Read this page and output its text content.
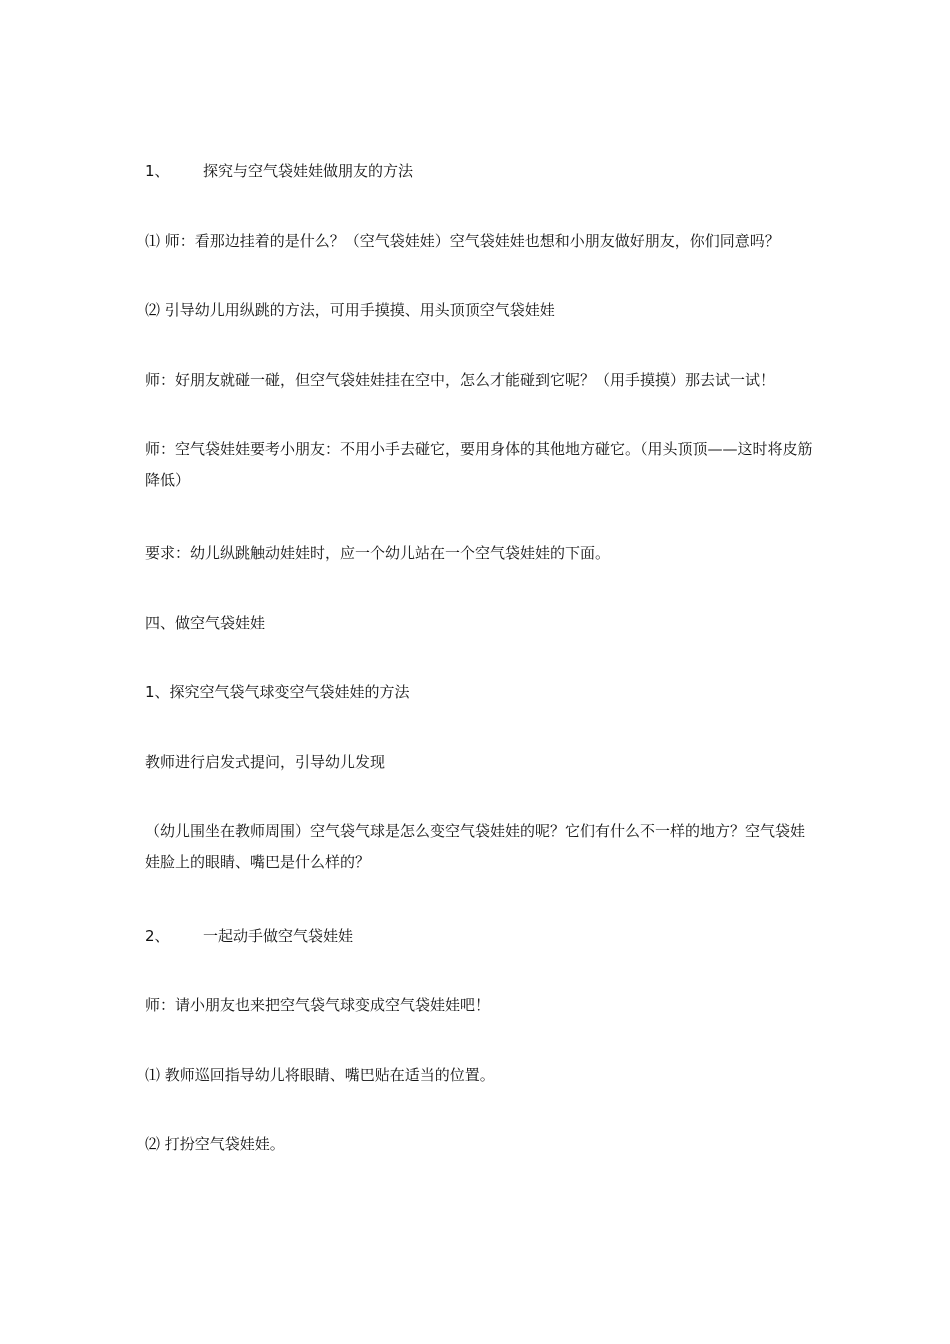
1、 探究与空气袋娃娃做朋友的方法

⑴ 师：看那边挂着的是什么？（空气袋娃娃）空气袋娃娃也想和小朋友做好朋友，你们同意吗？

⑵ 引导幼儿用纵跳的方法，可用手摸摸、用头顶顶空气袋娃娃

师：好朋友就碰一碰，但空气袋娃娃挂在空中，怎么才能碰到它呢？（用手摸摸）那去试一试！

师：空气袋娃娃要考小朋友：不用小手去碰它，要用身体的其他地方碰它。（用头顶顶——这时将皮筋降低）

要求：幼儿纵跳触动娃娃时，应一个幼儿站在一个空气袋娃娃的下面。

四、做空气袋娃娃

1、探究空气袋气球变空气袋娃娃的方法

教师进行启发式提问，引导幼儿发现

（幼儿围坐在教师周围）空气袋气球是怎么变空气袋娃娃的呢？它们有什么不一样的地方？空气袋娃娃脸上的眼睛、嘴巴是什么样的？

2、 一起动手做空气袋娃娃

师：请小朋友也来把空气袋气球变成空气袋娃娃吧！

⑴ 教师巡回指导幼儿将眼睛、嘴巴贴在适当的位置。

⑵ 打扮空气袋娃娃。
